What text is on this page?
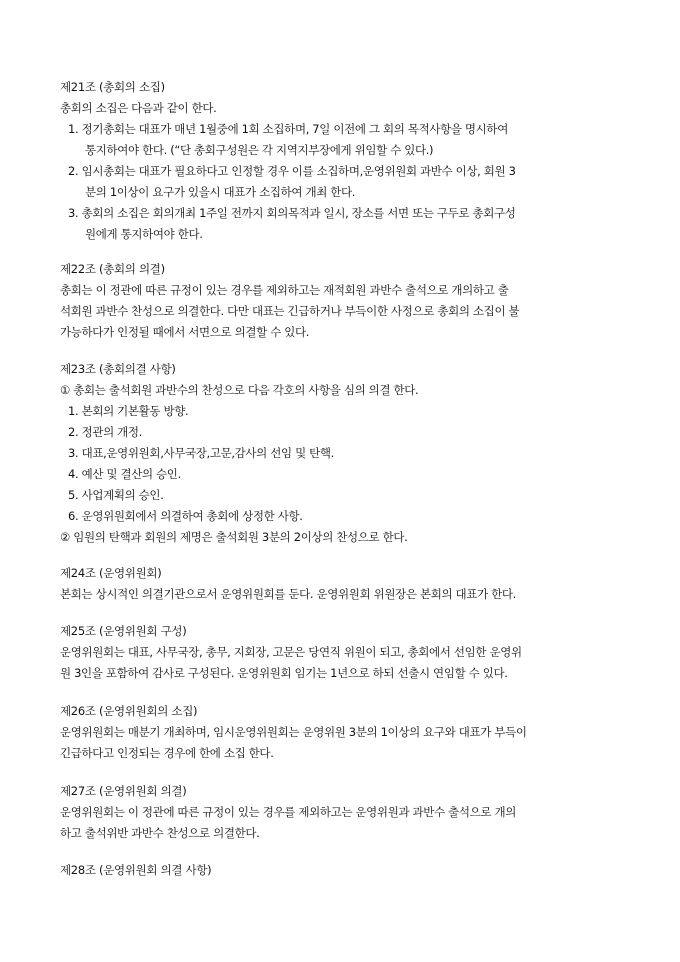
제21조 (총회의 소집)
총회의 소집은 다음과 같이 한다.
1. 정기총회는 대표가 매년 1월중에 1회 소집하며, 7일 이전에 그 회의 목적사항을 명시하여
통지하여야 한다. (“단 총회구성원은 각 지역지부장에게 위임할 수 있다.)
2. 임시총회는 대표가 필요하다고 인정할 경우 이를 소집하며,운영위원회 과반수 이상, 회원 3
분의 1이상이 요구가 있을시 대표가 소집하여 개최 한다.
3. 총회의 소집은 회의개최 1주일 전까지 회의목적과 일시, 장소를 서면 또는 구두로 총회구성
원에게 통지하여야 한다.
제22조 (총회의 의결)
총회는 이 정관에 따른 규정이 있는 경우를 제외하고는 재적회원 과반수 출석으로 개의하고 출
석회원 과반수 찬성으로 의결한다. 다만 대표는 긴급하거나 부득이한 사정으로 총회의 소집이 불
가능하다가 인정될 때에서 서면으로 의결할 수 있다.
제23조 (총회의결 사항)
① 총회는 출석회원 과반수의 찬성으로 다음 각호의 사항을 심의 의결 한다.
1. 본회의 기본활동 방향.
2. 정관의 개정.
3. 대표,운영위원회,사무국장,고문,감사의 선임 및 탄핵.
4. 예산 및 결산의 승인.
5. 사업계획의 승인.
6. 운영위원회에서 의결하여 총회에 상정한 사항.
② 임원의 탄핵과 회원의 제명은 출석회원 3분의 2이상의 찬성으로 한다.
제24조 (운영위원회)
본회는 상시적인 의결기관으로서 운영위원회를 둔다. 운영위원회 위원장은 본회의 대표가 한다.
제25조 (운영위원회 구성)
운영위원회는 대표, 사무국장, 총무, 지회장, 고문은 당연직 위원이 되고, 총회에서 선임한 운영위
원 3인을 포함하여 감사로 구성된다. 운영위원회 임기는 1년으로 하되 선출시 연임할 수 있다.
제26조 (운영위원회의 소집)
운영위원회는 매분기 개최하며, 임시운영위원회는 운영위원 3분의 1이상의 요구와 대표가 부득이
긴급하다고 인정되는 경우에 한에 소집 한다.
제27조 (운영위원회 의결)
운영위원회는 이 정관에 따른 규정이 있는 경우를 제외하고는 운영위원과 과반수 출석으로 개의
하고 출석위반 과반수 찬성으로 의결한다.
제28조 (운영위원회 의결 사항)
